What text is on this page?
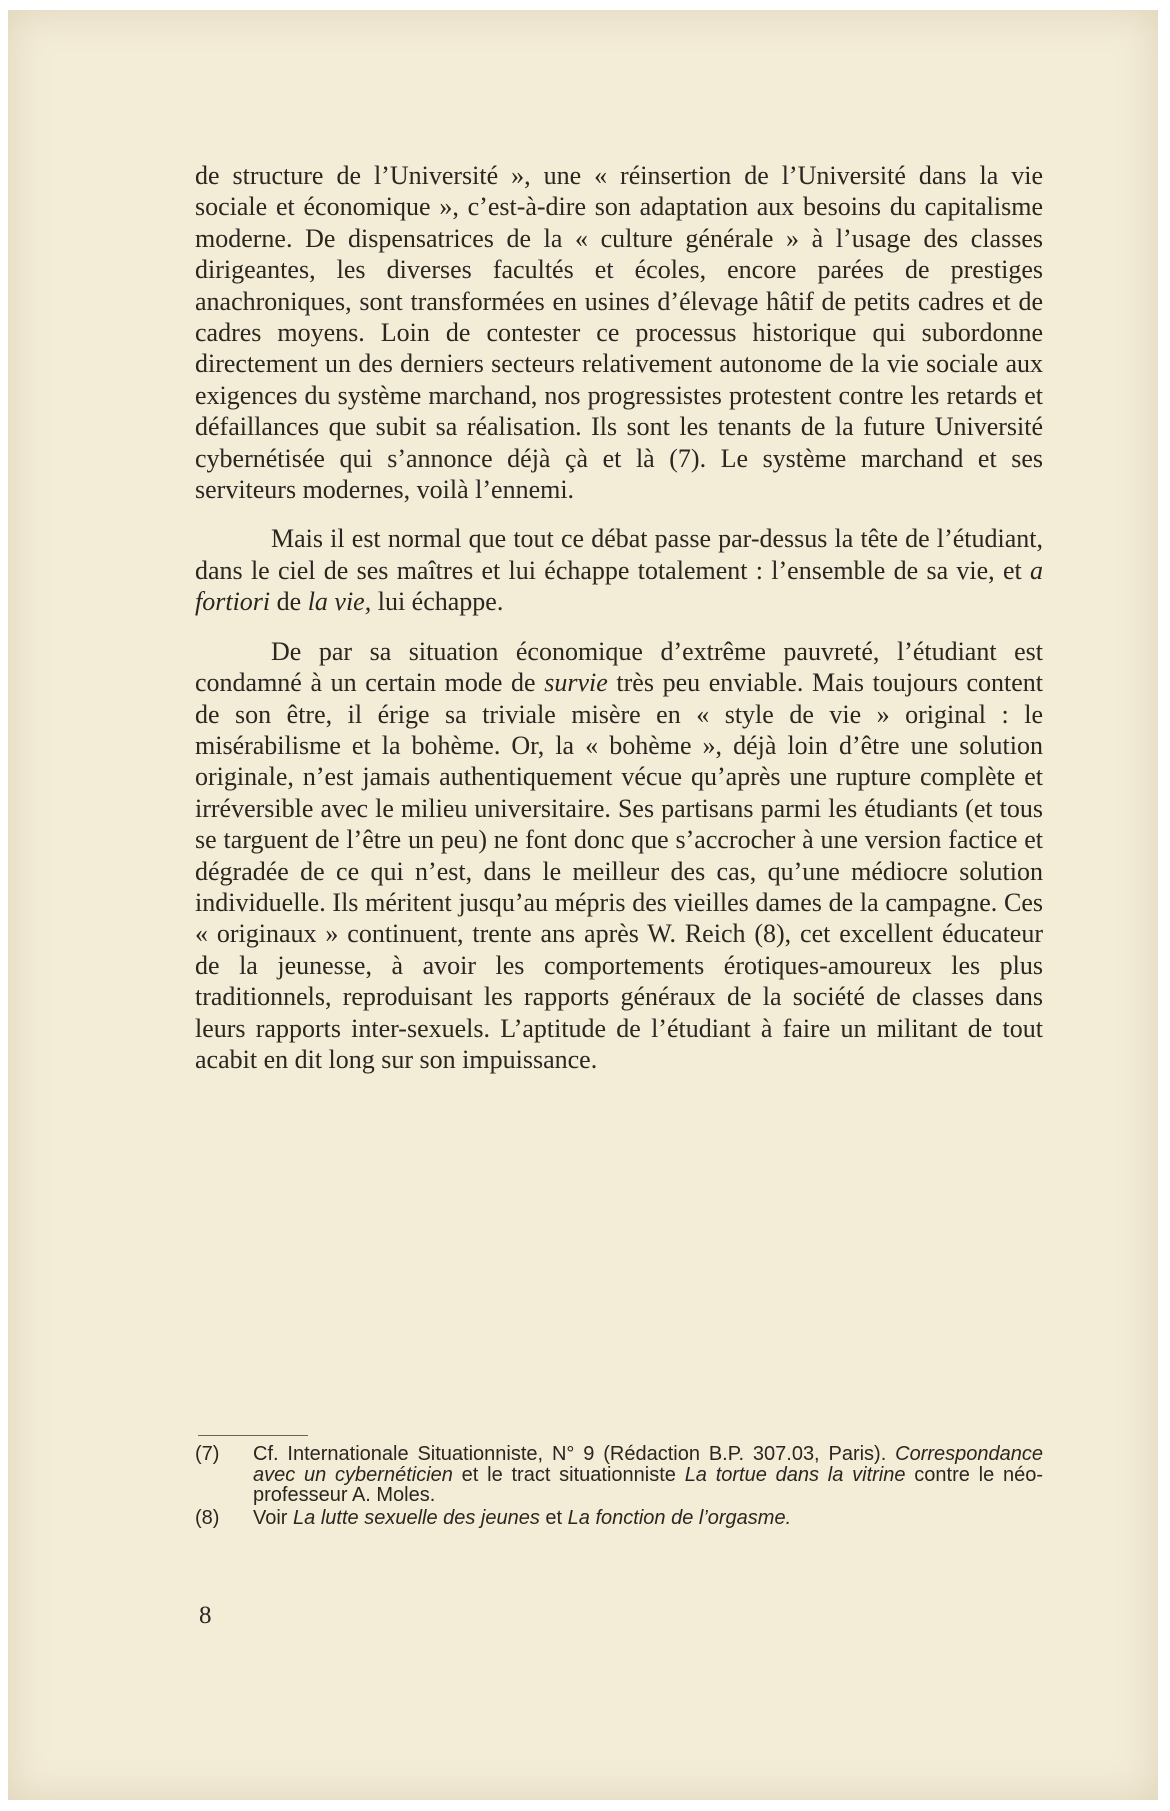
de structure de l’Université », une « réinsertion de l’Université dans la vie sociale et économique », c’est-à-dire son adaptation aux besoins du capitalisme moderne. De dispensatrices de la « culture générale » à l’usage des classes dirigeantes, les diverses facultés et écoles, encore parées de prestiges anachroniques, sont transformées en usines d’élevage hâtif de petits cadres et de cadres moyens. Loin de contester ce processus historique qui subordonne directement un des derniers secteurs relativement autonome de la vie sociale aux exigences du système marchand, nos progressistes protestent contre les retards et défaillances que subit sa réalisation. Ils sont les tenants de la future Université cybernétisée qui s’annonce déjà çà et là (7). Le système marchand et ses serviteurs modernes, voilà l’ennemi.

Mais il est normal que tout ce débat passe par-dessus la tête de l’étudiant, dans le ciel de ses maîtres et lui échappe totalement : l’ensemble de sa vie, et a fortiori de la vie, lui échappe.

De par sa situation économique d’extrême pauvreté, l’étudiant est condamné à un certain mode de survie très peu enviable. Mais toujours content de son être, il érige sa triviale misère en « style de vie » original : le misérabilisme et la bohème. Or, la « bohème », déjà loin d’être une solution originale, n’est jamais authentiquement vécue qu’après une rupture complète et irréversible avec le milieu universitaire. Ses partisans parmi les étudiants (et tous se targuent de l’être un peu) ne font donc que s’accrocher à une version factice et dégradée de ce qui n’est, dans le meilleur des cas, qu’une médiocre solution individuelle. Ils méritent jusqu’au mépris des vieilles dames de la campagne. Ces « originaux » continuent, trente ans après W. Reich (8), cet excellent éducateur de la jeunesse, à avoir les comportements érotiques-amoureux les plus traditionnels, reproduisant les rapports généraux de la société de classes dans leurs rapports inter-sexuels. L’aptitude de l’étudiant à faire un militant de tout acabit en dit long sur son impuissance.

(7)	Cf. Internationale Situationniste, N° 9 (Rédaction B.P. 307.03, Paris). Correspondance avec un cybernéticien et le tract situationniste La tortue dans la vitrine contre le néo-professeur A. Moles.
(8)	Voir La lutte sexuelle des jeunes et La fonction de l’orgasme.
8
